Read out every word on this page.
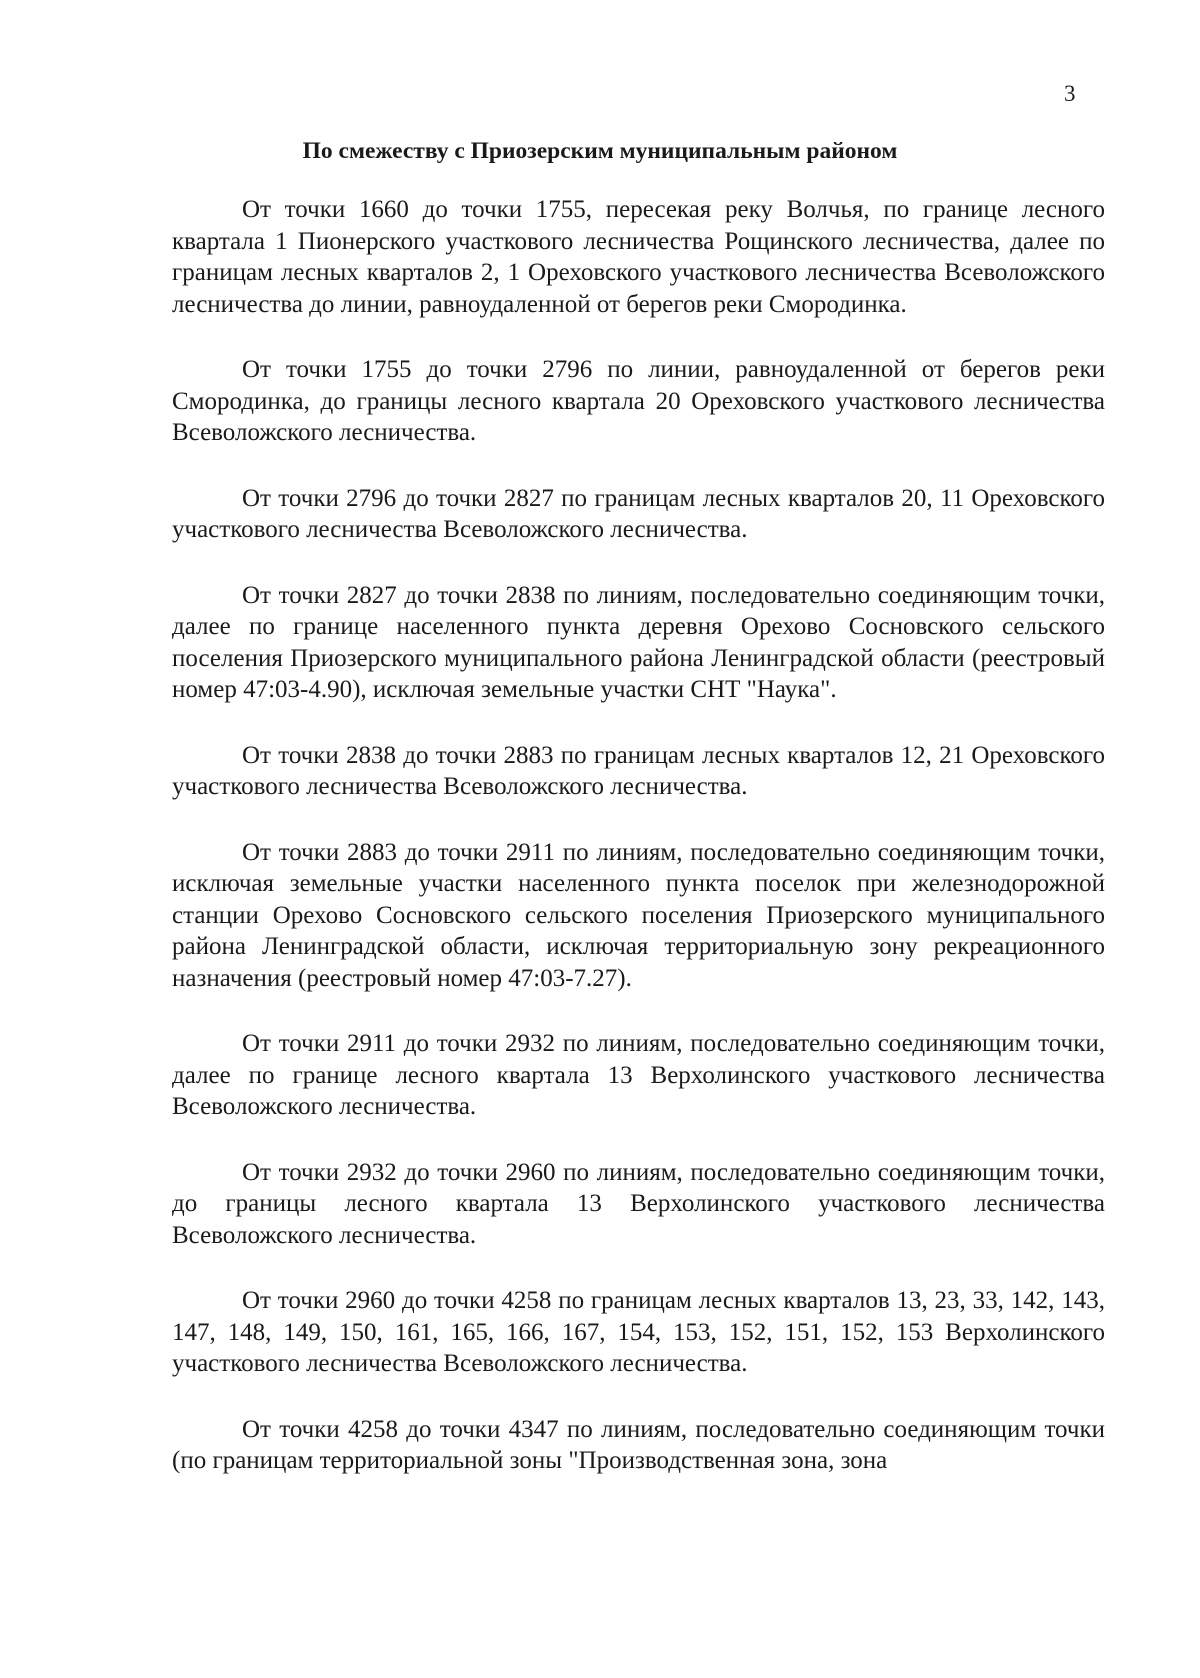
3
По смежеству с Приозерским муниципальным районом

От точки 1660 до точки 1755, пересекая реку Волчья, по границе лесного квартала 1 Пионерского участкового лесничества Рощинского лесничества, далее по границам лесных кварталов 2, 1 Ореховского участкового лесничества Всеволожского лесничества до линии, равноудаленной от берегов реки Смородинка.

От точки 1755 до точки 2796 по линии, равноудаленной от берегов реки Смородинка, до границы лесного квартала 20 Ореховского участкового лесничества Всеволожского лесничества.

От точки 2796 до точки 2827 по границам лесных кварталов 20, 11 Ореховского участкового лесничества Всеволожского лесничества.

От точки 2827 до точки 2838 по линиям, последовательно соединяющим точки, далее по границе населенного пункта деревня Орехово Сосновского сельского поселения Приозерского муниципального района Ленинградской области (реестровый номер 47:03-4.90), исключая земельные участки СНТ "Наука".

От точки 2838 до точки 2883 по границам лесных кварталов 12, 21 Ореховского участкового лесничества Всеволожского лесничества.

От точки 2883 до точки 2911 по линиям, последовательно соединяющим точки, исключая земельные участки населенного пункта поселок при железнодорожной станции Орехово Сосновского сельского поселения Приозерского муниципального района Ленинградской области, исключая территориальную зону рекреационного назначения (реестровый номер 47:03-7.27).

От точки 2911 до точки 2932 по линиям, последовательно соединяющим точки, далее по границе лесного квартала 13 Верхолинского участкового лесничества Всеволожского лесничества.

От точки 2932 до точки 2960 по линиям, последовательно соединяющим точки, до границы лесного квартала 13 Верхолинского участкового лесничества Всеволожского лесничества.

От точки 2960 до точки 4258 по границам лесных кварталов 13, 23, 33, 142, 143, 147, 148, 149, 150, 161, 165, 166, 167, 154, 153, 152, 151, 152, 153 Верхолинского участкового лесничества Всеволожского лесничества.

От точки 4258 до точки 4347 по линиям, последовательно соединяющим точки (по границам территориальной зоны "Производственная зона, зона
